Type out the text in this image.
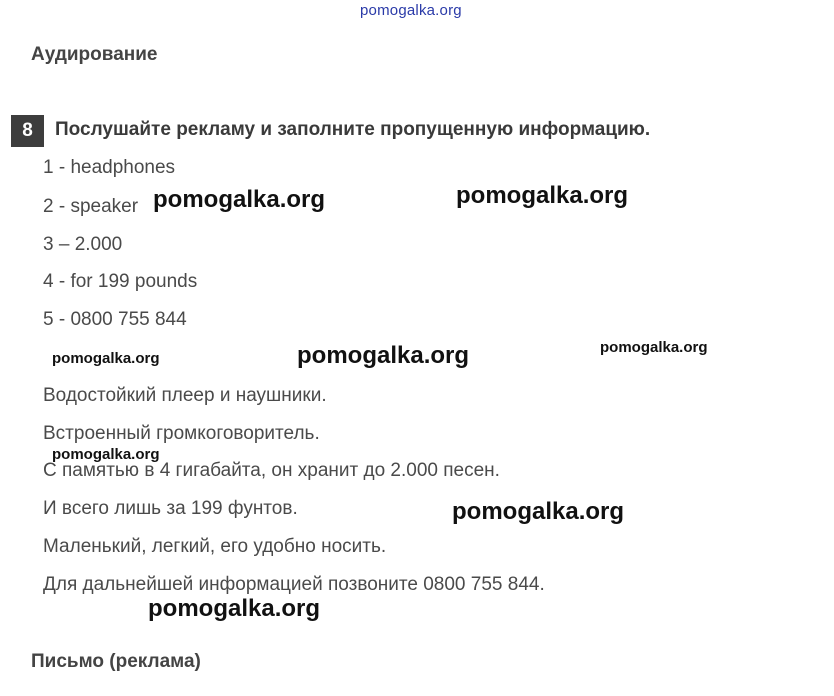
pomogalka.org
Аудирование
8	Послушайте рекламу и заполните пропущенную информацию.
1 - headphones
2 - speaker
3 – 2.000
4 - for 199 pounds
5 - 0800 755 844
Водостойкий плеер и наушники.
Встроенный громкоговоритель.
С памятью в 4 гигабайта, он хранит до 2.000 песен.
И всего лишь за 199 фунтов.
Маленький, легкий, его удобно носить.
Для дальнейшей информацией позвоните 0800 755 844.
Письмо (реклама)
pomogalka.org	pomogalka.org
pomogalka.org	pomogalka.org	pomogalka.org
pomogalka.org
pomogalka.org
pomogalka.org
